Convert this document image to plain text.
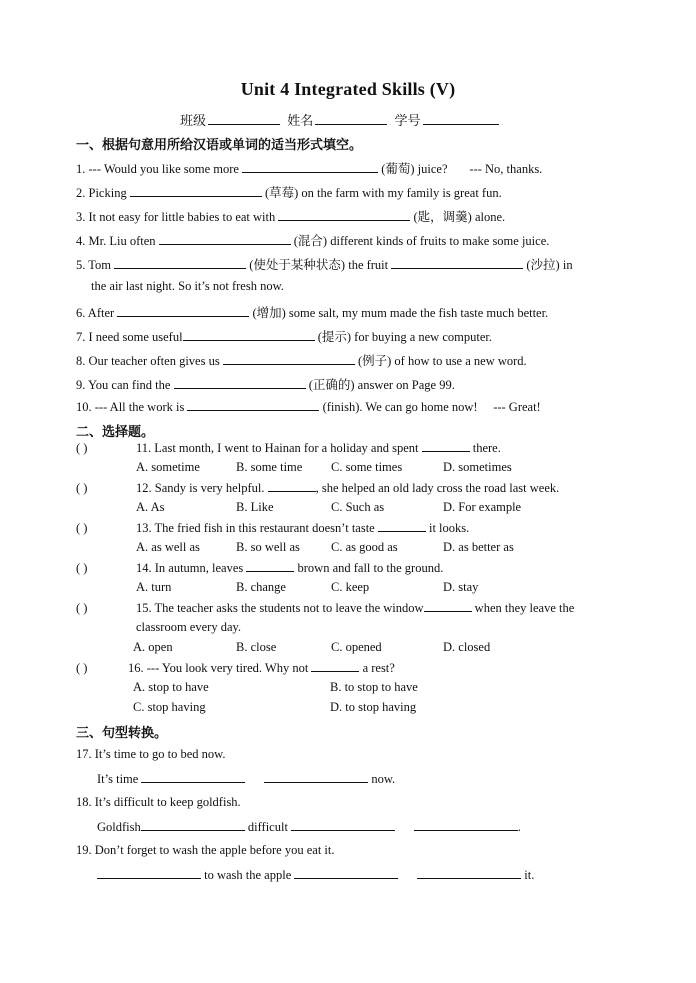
Unit 4 Integrated Skills (V)
班级	姓名	学号
一、根据句意用所给汉语或单词的适当形式填空。
1. --- Would you like some more	(葡萄) juice? --- No, thanks.
2. Picking	(草莓) on the farm with my family is great fun.
3. It not easy for little babies to eat with	(匙，调羹) alone.
4. Mr. Liu often	(混合) different kinds of fruits to make some juice.
5. Tom	(使处于某种状态) the fruit	(沙拉) in
the air last night. So it’s not fresh now.
6. After	(增加) some salt, my mum made the fish taste much better.
7. I need some useful	(提示) for buying a new computer.
8. Our teacher often gives us	(例子) of how to use a new word.
9. You can find the	(正确的) answer on Page 99.
10. --- All the work is	(finish). We can go home now! --- Great!
二、选择题。
( )	11. Last month, I went to Hainan for a holiday and spent	there.
A. sometime	B. some time C. some times	D. sometimes
( )	12. Sandy is very helpful.	, she helped an old lady cross the road last week.
A. As	B. Like	C. Such as	D. For example
( )	13. The fried fish in this restaurant doesn’t taste	it looks.
A. as well as	B. so well as C. as good as	D. as better as
( )	14. In autumn, leaves	brown and fall to the ground.
A. turn	B. change	C. keep	D. stay
( )	15. The teacher asks the students not to leave the window	when they leave the
classroom every day.
A. open	B. close	C. opened	D. closed
( )	16. --- You look very tired. Why not	a rest?
A. stop to have	B. to stop to have
C. stop having	D. to stop having
三、句型转换。
17. It’s time to go to bed now.
It’s time	now.
18. It’s difficult to keep goldfish.
Goldfish	difficult	.
19. Don’t forget to wash the apple before you eat it.
to wash the apple	it.
